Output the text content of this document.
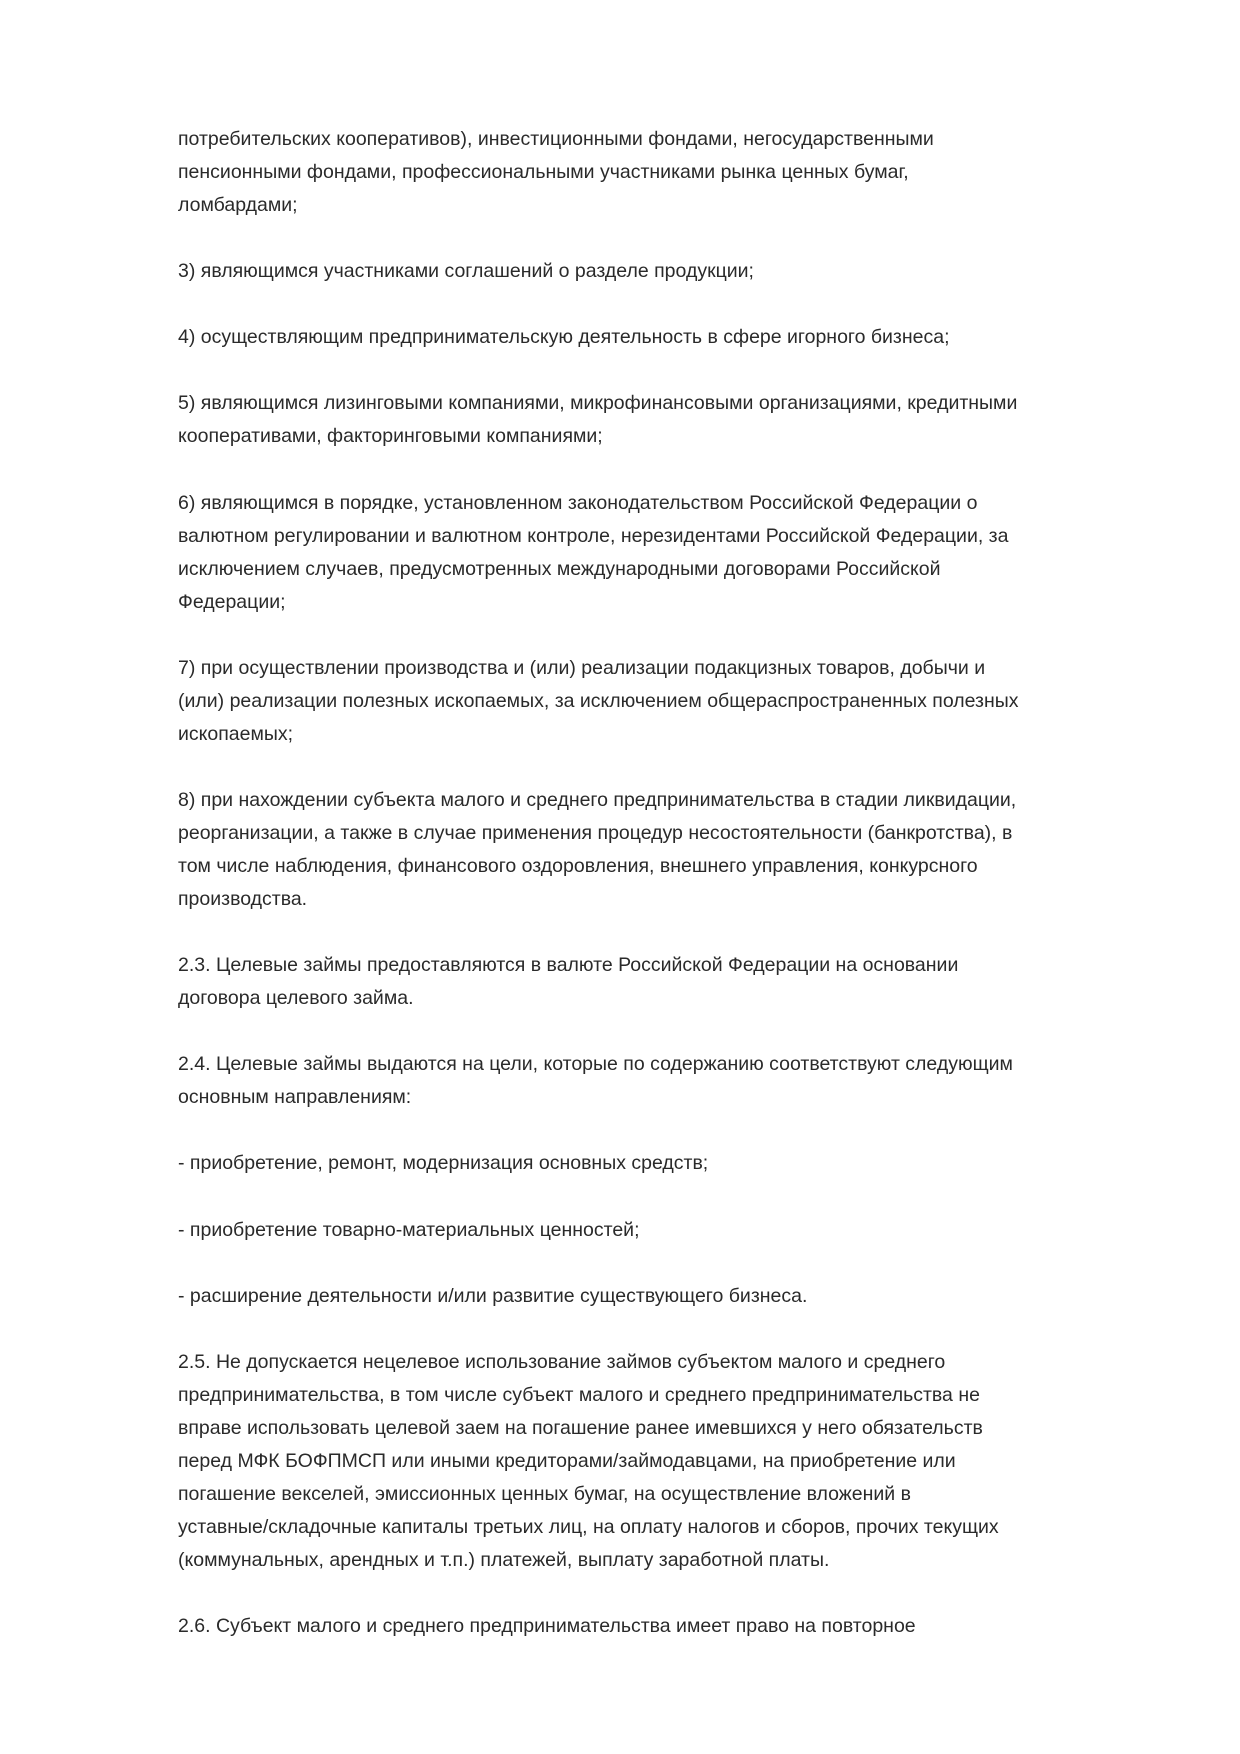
потребительских кооперативов), инвестиционными фондами, негосударственными
пенсионными фондами, профессиональными участниками рынка ценных бумаг,
ломбардами;

3) являющимся участниками соглашений о разделе продукции;

4) осуществляющим предпринимательскую деятельность в сфере игорного бизнеса;

5) являющимся лизинговыми компаниями, микрофинансовыми организациями, кредитными
кооперативами, факторинговыми компаниями;

6) являющимся в порядке, установленном законодательством Российской Федерации о
валютном регулировании и валютном контроле, нерезидентами Российской Федерации, за
исключением случаев, предусмотренных международными договорами Российской
Федерации;

7) при осуществлении производства и (или) реализации подакцизных товаров, добычи и
(или) реализации полезных ископаемых, за исключением общераспространенных полезных
ископаемых;

8) при нахождении субъекта малого и среднего предпринимательства в стадии ликвидации,
реорганизации, а также в случае применения процедур несостоятельности (банкротства), в
том числе наблюдения, финансового оздоровления, внешнего управления, конкурсного
производства.

2.3. Целевые займы предоставляются в валюте Российской Федерации на основании
договора целевого займа.

2.4. Целевые займы выдаются на цели, которые по содержанию соответствуют следующим
основным направлениям:

- приобретение, ремонт, модернизация основных средств;

- приобретение товарно-материальных ценностей;

- расширение деятельности и/или развитие существующего бизнеса.

2.5. Не допускается нецелевое использование займов субъектом малого и среднего
предпринимательства, в том числе субъект малого и среднего предпринимательства не
вправе использовать целевой заем на погашение ранее имевшихся у него обязательств
перед МФК БОФПМСП или иными кредиторами/займодавцами, на приобретение или
погашение векселей, эмиссионных ценных бумаг, на осуществление вложений в
уставные/складочные капиталы третьих лиц, на оплату налогов и сборов, прочих текущих
(коммунальных, арендных и т.п.) платежей, выплату заработной платы.

2.6. Субъект малого и среднего предпринимательства имеет право на повторное
